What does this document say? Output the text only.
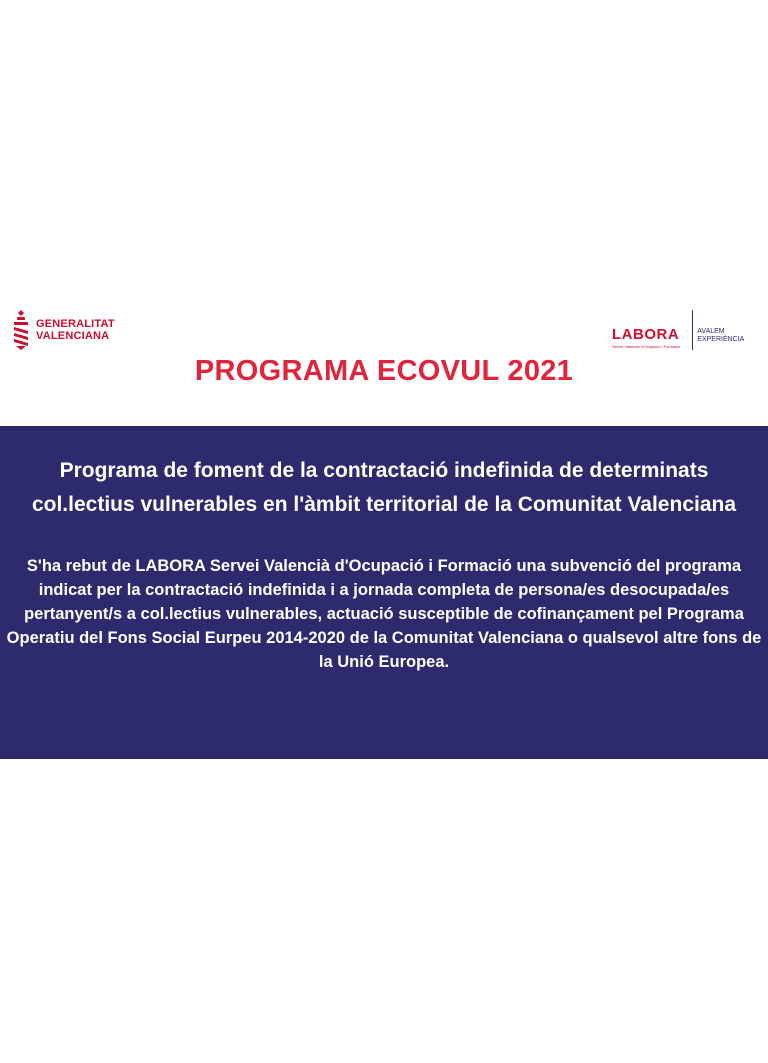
GENERALITAT
VALENCIANA	LABORA
Servei Valencià d'Ocupació i Formació
AVALEM
EXPERIÈNCIA
PROGRAMA ECOVUL 2021
Programa de foment de la contractació indefinida de determinats col.lectius vulnerables en l'àmbit territorial de la Comunitat Valenciana
S'ha rebut de LABORA Servei Valencià d'Ocupació i Formació una subvenció del programa indicat per la contractació indefinida i a jornada completa de persona/es desocupada/es pertanyent/s a col.lectius vulnerables, actuació susceptible de cofinançament pel Programa Operatiu del Fons Social Eurpeu 2014-2020 de la Comunitat Valenciana o qualsevol altre fons de la Unió Europea.
